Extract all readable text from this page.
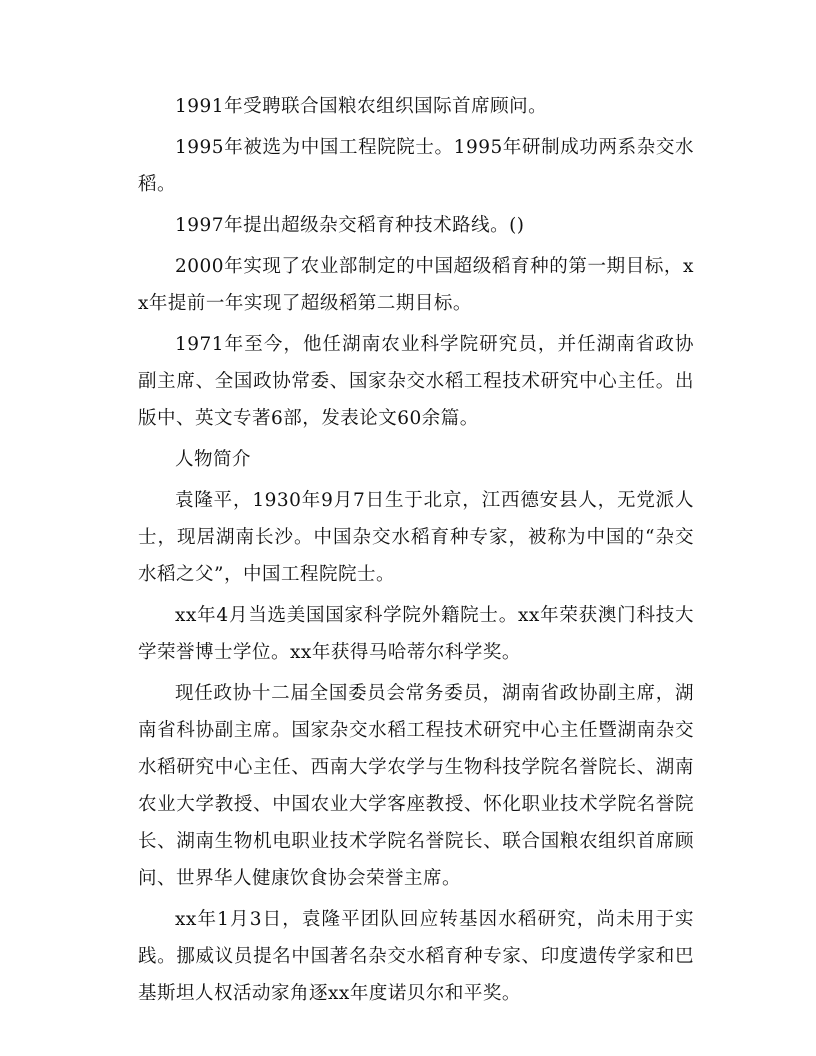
1991年受聘联合国粮农组织国际首席顾问。

1995年被选为中国工程院院士。1995年研制成功两系杂交水稻。

1997年提出超级杂交稻育种技术路线。()

2000年实现了农业部制定的中国超级稻育种的第一期目标，xx年提前一年实现了超级稻第二期目标。

1971年至今，他任湖南农业科学院研究员，并任湖南省政协副主席、全国政协常委、国家杂交水稻工程技术研究中心主任。出版中、英文专著6部，发表论文60余篇。

人物简介

袁隆平，1930年9月7日生于北京，江西德安县人，无党派人士，现居湖南长沙。中国杂交水稻育种专家，被称为中国的“杂交水稻之父”，中国工程院院士。

xx年4月当选美国国家科学院外籍院士。xx年荣获澳门科技大学荣誉博士学位。xx年获得马哈蒂尔科学奖。

现任政协十二届全国委员会常务委员，湖南省政协副主席，湖南省科协副主席。国家杂交水稻工程技术研究中心主任暨湖南杂交水稻研究中心主任、西南大学农学与生物科技学院名誉院长、湖南农业大学教授、中国农业大学客座教授、怀化职业技术学院名誉院长、湖南生物机电职业技术学院名誉院长、联合国粮农组织首席顾问、世界华人健康饮食协会荣誉主席。

xx年1月3日，袁隆平团队回应转基因水稻研究，尚未用于实践。挪威议员提名中国著名杂交水稻育种专家、印度遗传学家和巴基斯坦人权活动家角逐xx年度诺贝尔和平奖。
